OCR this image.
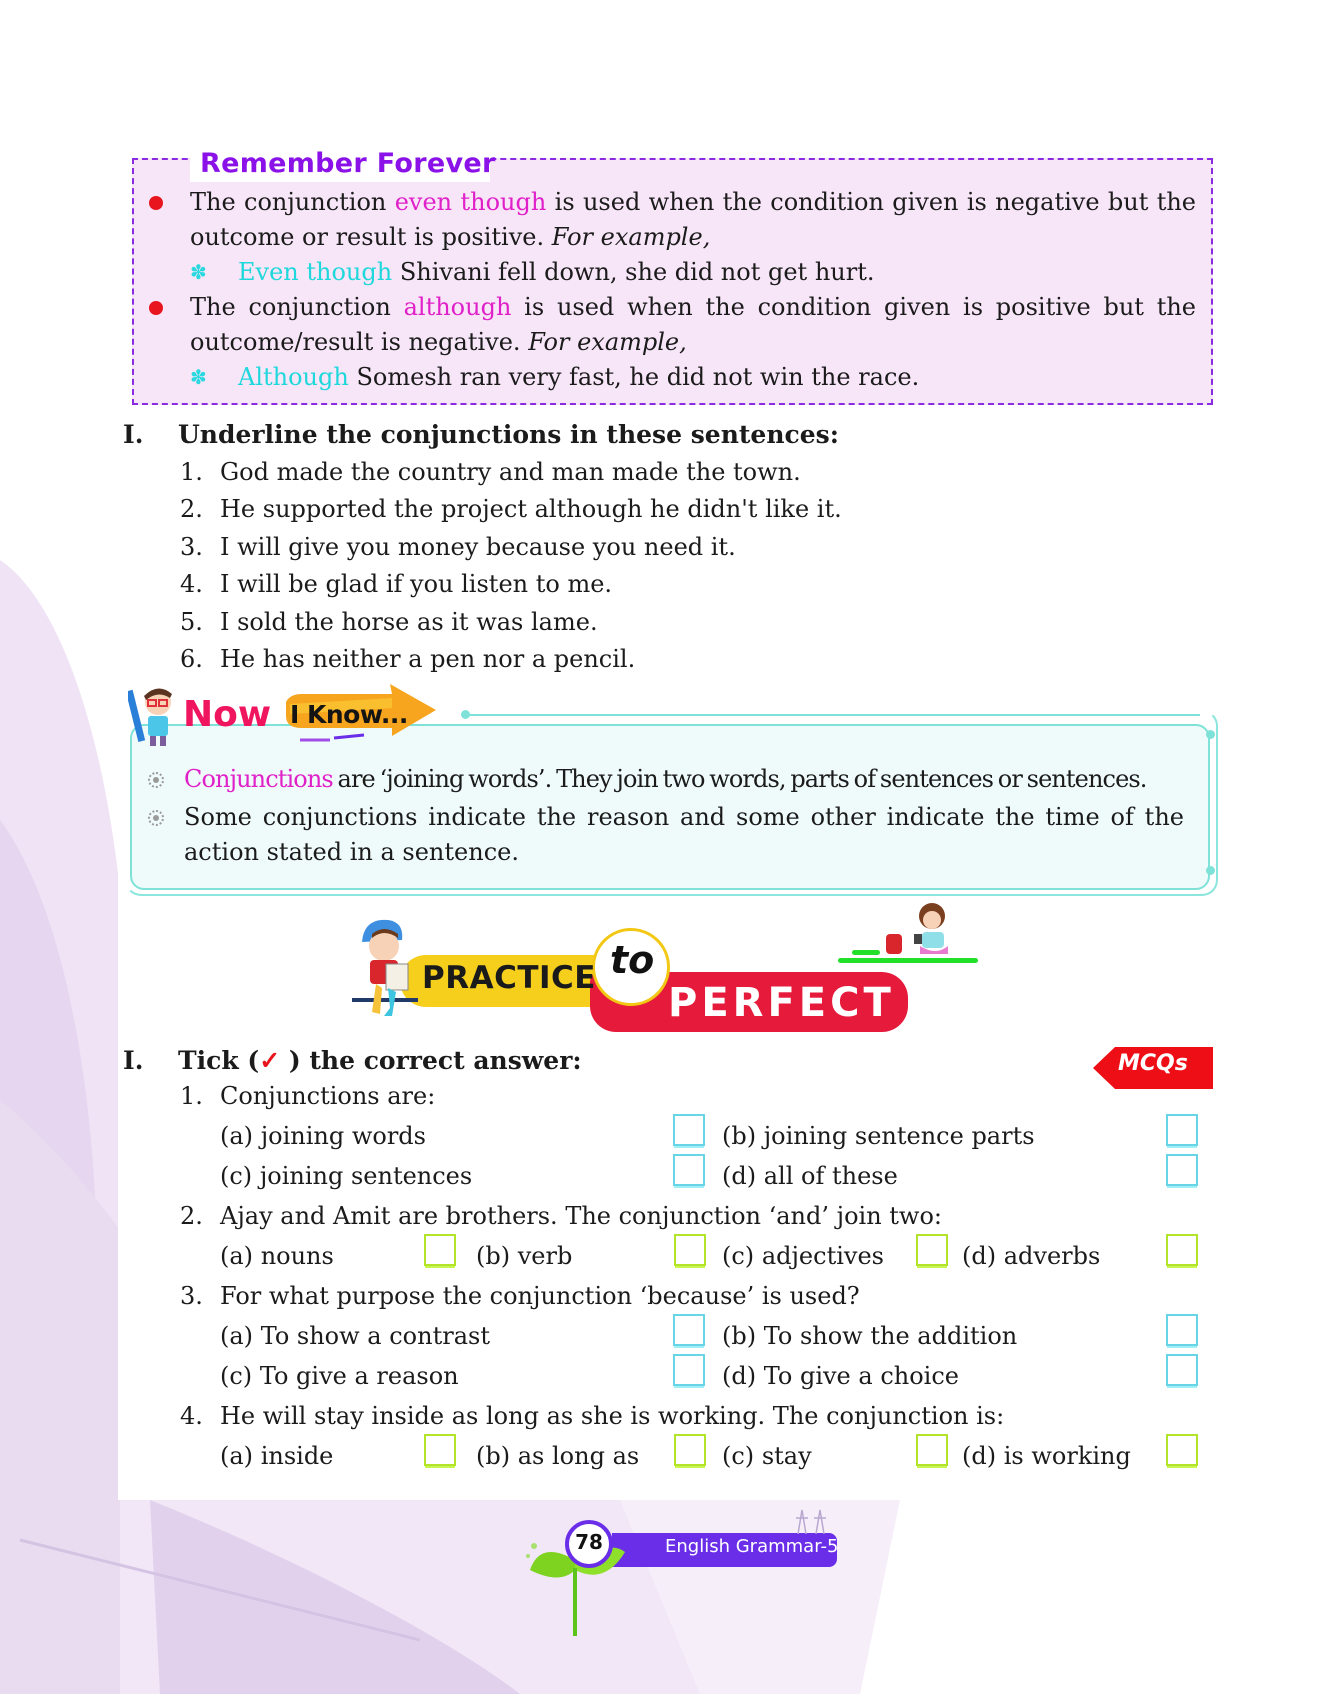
Remember Forever
The conjunction even though is used when the condition given is negative but the
outcome or result is positive. For example,
✽ Even though Shivani fell down, she did not get hurt.
The conjunction although is used when the condition given is positive but the
outcome/result is negative. For example,
✽ Although Somesh ran very fast, he did not win the race.
I. Underline the conjunctions in these sentences:
1. God made the country and man made the town.
2. He supported the project although he didn't like it.
3. I will give you money because you need it.
4. I will be glad if you listen to me.
5. I sold the horse as it was lame.
6. He has neither a pen nor a pencil.
Now I Know...
Conjunctions are ‘joining words’. They join two words, parts of sentences or sentences.
Some conjunctions indicate the reason and some other indicate the time of the
action stated in a sentence.
PRACTICE to
PERFECT
MCQs
I. Tick (✓ ) the correct answer:
1. Conjunctions are:
(a) joining words	(b) joining sentence parts
(c) joining sentences	(d) all of these
2. Ajay and Amit are brothers. The conjunction ‘and’ join two:
(a) nouns	(b) verb	(c) adjectives	(d) adverbs
3. For what purpose the conjunction ‘because’ is used?
(a) To show a contrast	(b) To show the addition
(c) To give a reason	(d) To give a choice
4. He will stay inside as long as she is working. The conjunction is:
(a) inside	(b) as long as	(c) stay	(d) is working
English Grammar-5
78
